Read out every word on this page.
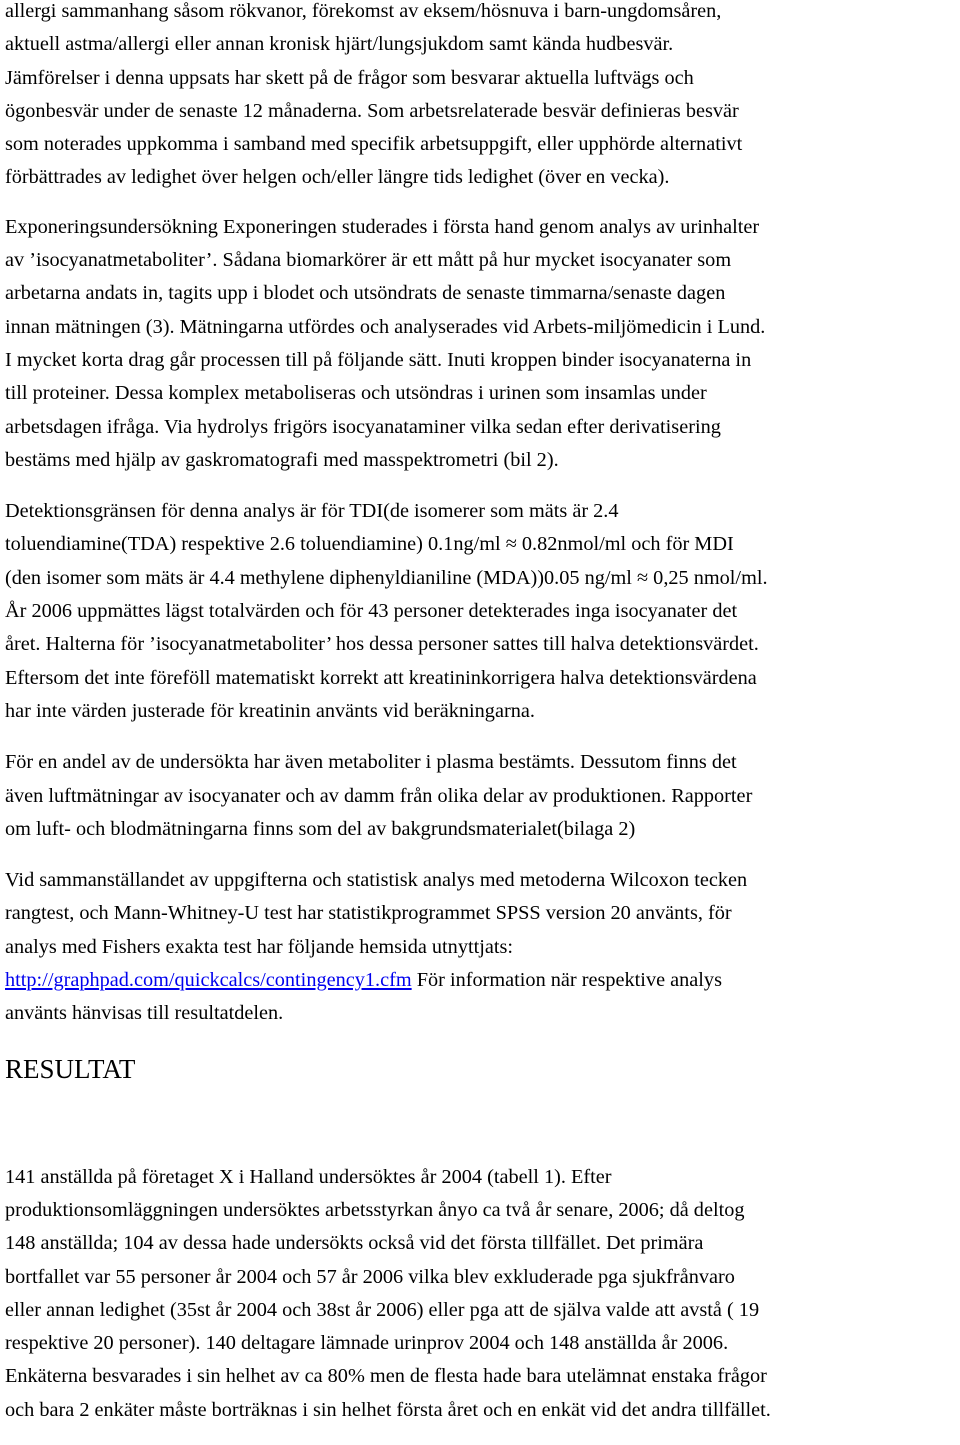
allergi sammanhang såsom rökvanor, förekomst av eksem/hösnuva i barn-ungdomsåren,
aktuell astma/allergi eller annan kronisk hjärt/lungsjukdom samt kända hudbesvär.
Jämförelser i denna uppsats har skett på de frågor som besvarar aktuella luftvägs och
ögonbesvär under de senaste 12 månaderna. Som arbetsrelaterade besvär definieras besvär
som noterades uppkomma i samband med specifik arbetsuppgift, eller upphörde alternativt
förbättrades av ledighet över helgen och/eller längre tids ledighet (över en vecka).

Exponeringsundersökning Exponeringen studerades i första hand genom analys av urinhalter
av ’isocyanatmetaboliter’. Sådana biomarkörer är ett mått på hur mycket isocyanater som
arbetarna andats in, tagits upp i blodet och utsöndrats de senaste timmarna/senaste dagen
innan mätningen (3). Mätningarna utfördes och analyserades vid Arbets-miljömedicin i Lund.
I mycket korta drag går processen till på följande sätt. Inuti kroppen binder isocyanaterna in
till proteiner. Dessa komplex metaboliseras och utsöndras i urinen som insamlas under
arbetsdagen ifråga. Via hydrolys frigörs isocyanataminer vilka sedan efter derivatisering
bestäms med hjälp av gaskromatografi med masspektrometri (bil 2).

Detektionsgränsen för denna analys är för TDI(de isomerer som mäts är 2.4
toluendiamine(TDA) respektive 2.6 toluendiamine) 0.1ng/ml ≈ 0.82nmol/ml och för MDI
(den isomer som mäts är 4.4 methylene diphenyldianiline (MDA))0.05 ng/ml ≈ 0,25 nmol/ml.
År 2006 uppmättes lägst totalvärden och för 43 personer detekterades inga isocyanater det
året. Halterna för ’isocyanatmetaboliter’ hos dessa personer sattes till halva detektionsvärdet.
Eftersom det inte föreföll matematiskt korrekt att kreatininkorrigera halva detektionsvärdena
har inte värden justerade för kreatinin använts vid beräkningarna.

För en andel av de undersökta har även metaboliter i plasma bestämts. Dessutom finns det
även luftmätningar av isocyanater och av damm från olika delar av produktionen. Rapporter
om luft- och blodmätningarna finns som del av bakgrundsmaterialet(bilaga 2)

Vid sammanställandet av uppgifterna och statistisk analys med metoderna Wilcoxon tecken
rangtest, och Mann-Whitney-U test har statistikprogrammet SPSS version 20 använts, för
analys med Fishers exakta test har följande hemsida utnyttjats:
http://graphpad.com/quickcalcs/contingency1.cfm För information när respektive analys
använts hänvisas till resultatdelen.

RESULTAT

141 anställda på företaget X i Halland undersöktes år 2004 (tabell 1). Efter
produktionsomläggningen undersöktes arbetsstyrkan ånyo ca två år senare, 2006; då deltog
148 anställda; 104 av dessa hade undersökts också vid det första tillfället. Det primära
bortfallet var 55 personer år 2004 och 57 år 2006 vilka blev exkluderade pga sjukfrånvaro
eller annan ledighet (35st år 2004 och 38st år 2006) eller pga att de själva valde att avstå ( 19
respektive 20 personer). 140 deltagare lämnade urinprov 2004 och 148 anställda år 2006.
Enkäterna besvarades i sin helhet av ca 80% men de flesta hade bara utelämnat enstaka frågor
och bara 2 enkäter måste borträknas i sin helhet första året och en enkät vid det andra tillfället.
